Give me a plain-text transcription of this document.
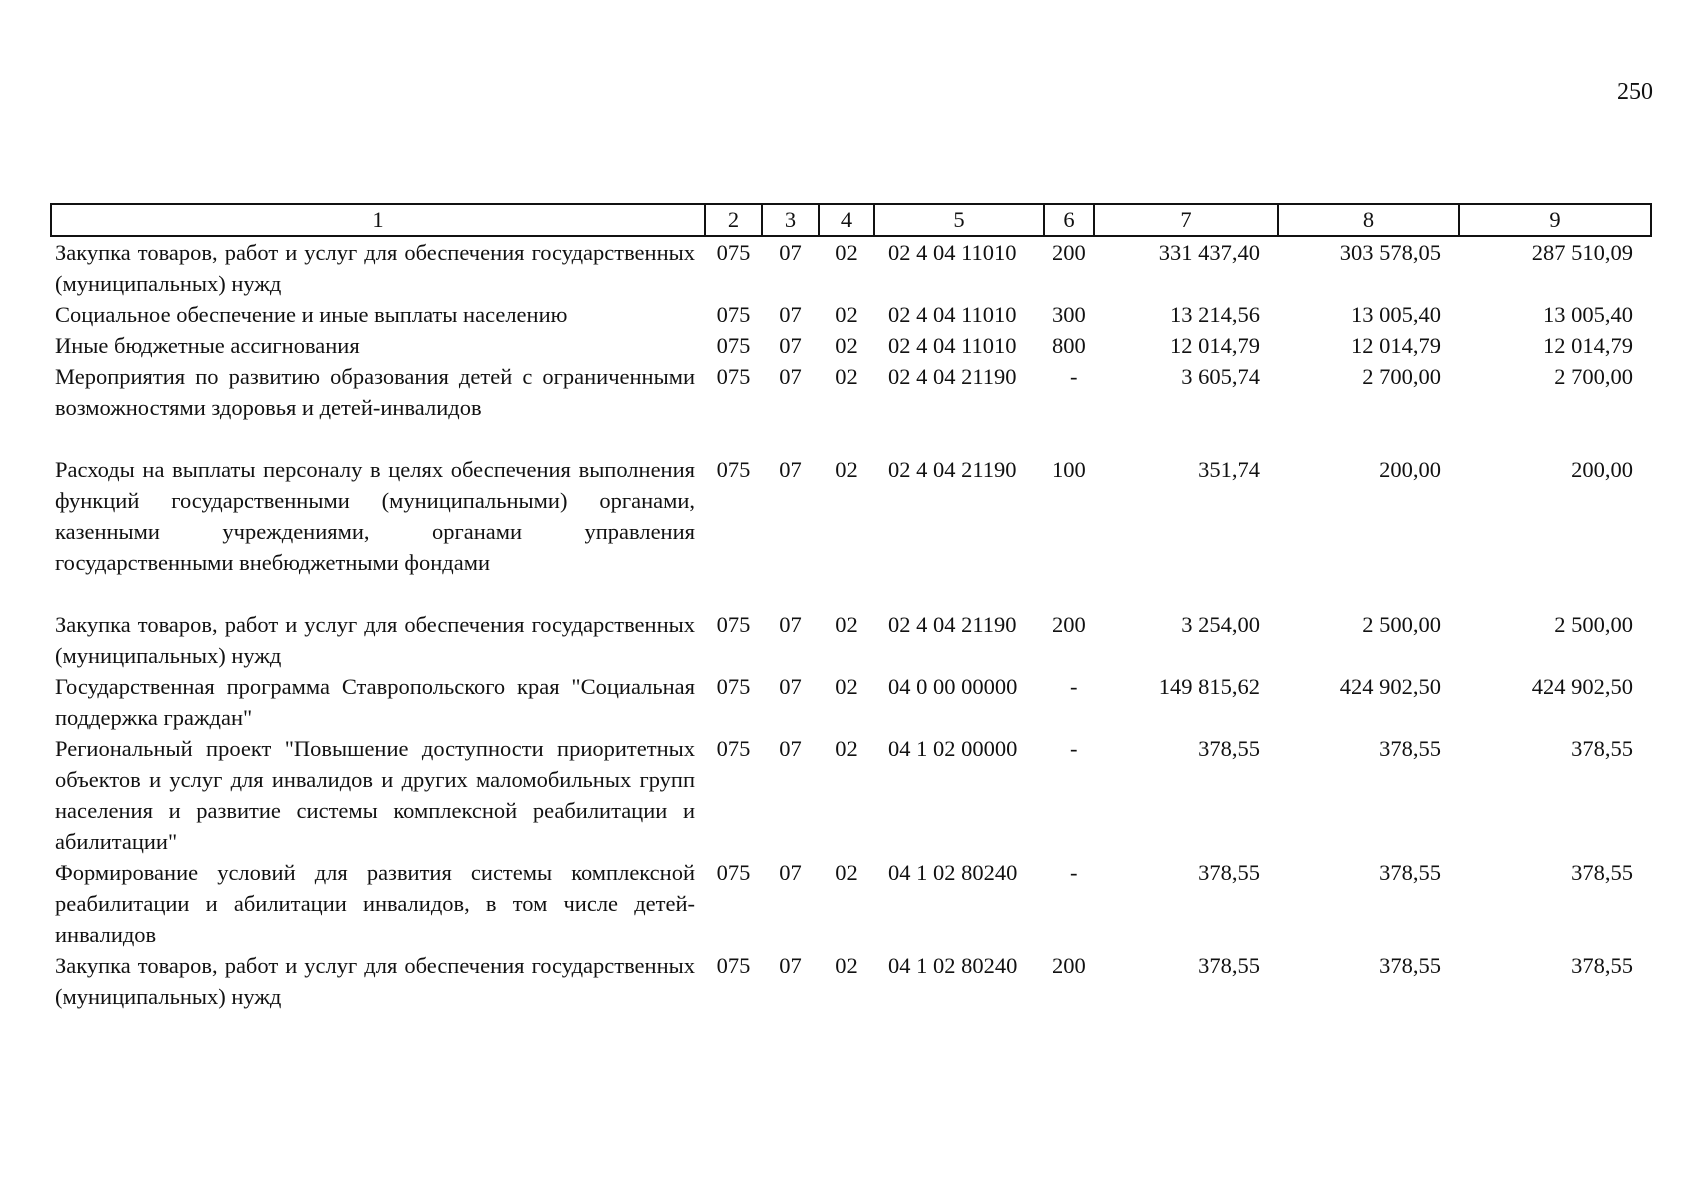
250
1	2	3	4	5	6	7	8	9
Закупка товаров, работ и услуг для обеспечения государственных (муниципальных) нужд	075	07	02	02 4 04 11010	200	331 437,40	303 578,05	287 510,09
Социальное обеспечение и иные выплаты населению	075	07	02	02 4 04 11010	300	13 214,56	13 005,40	13 005,40
Иные бюджетные ассигнования	075	07	02	02 4 04 11010	800	12 014,79	12 014,79	12 014,79
Мероприятия по развитию образования детей с ограниченными возможностями здоровья и детей-инвалидов	075	07	02	02 4 04 21190	-	3 605,74	2 700,00	2 700,00
Расходы на выплаты персоналу в целях обеспечения выполнения функций государственными (муниципальными) органами, казенными учреждениями, органами управления государственными внебюджетными фондами	075	07	02	02 4 04 21190	100	351,74	200,00	200,00
Закупка товаров, работ и услуг для обеспечения государственных (муниципальных) нужд	075	07	02	02 4 04 21190	200	3 254,00	2 500,00	2 500,00
Государственная программа Ставропольского края "Социальная поддержка граждан"	075	07	02	04 0 00 00000	-	149 815,62	424 902,50	424 902,50
Региональный проект "Повышение доступности приоритетных объектов и услуг для инвалидов и других маломобильных групп населения и развитие системы комплексной реабилитации и абилитации"	075	07	02	04 1 02 00000	-	378,55	378,55	378,55
Формирование условий для развития системы комплексной реабилитации и абилитации инвалидов, в том числе детей-инвалидов	075	07	02	04 1 02 80240	-	378,55	378,55	378,55
Закупка товаров, работ и услуг для обеспечения государственных (муниципальных) нужд	075	07	02	04 1 02 80240	200	378,55	378,55	378,55
